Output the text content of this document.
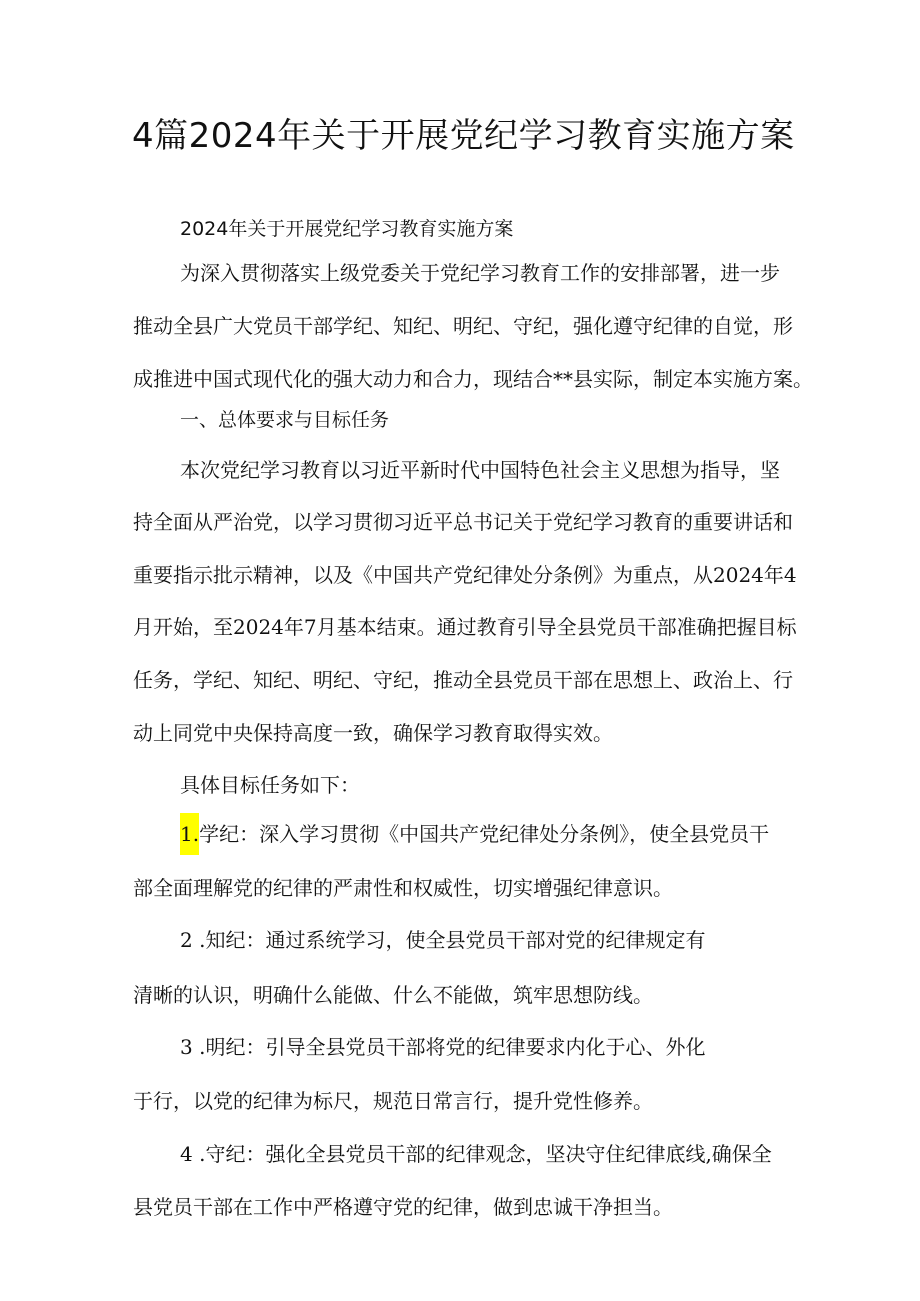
4篇2024年关于开展党纪学习教育实施方案
2024年关于开展党纪学习教育实施方案
为深入贯彻落实上级党委关于党纪学习教育工作的安排部署，进一步
推动全县广大党员干部学纪、知纪、明纪、守纪，强化遵守纪律的自觉，形
成推进中国式现代化的强大动力和合力，现结合**县实际，制定本实施方案。
一、总体要求与目标任务
本次党纪学习教育以习近平新时代中国特色社会主义思想为指导，坚
持全面从严治党，以学习贯彻习近平总书记关于党纪学习教育的重要讲话和
重要指示批示精神，以及《中国共产党纪律处分条例》为重点，从2024年4
月开始，至2024年7月基本结束。通过教育引导全县党员干部准确把握目标
任务，学纪、知纪、明纪、守纪，推动全县党员干部在思想上、政治上、行
动上同党中央保持高度一致，确保学习教育取得实效。
具体目标任务如下：
1.学纪：深入学习贯彻《中国共产党纪律处分条例》，使全县党员干
部全面理解党的纪律的严肃性和权威性，切实增强纪律意识。
2 .知纪：通过系统学习，使全县党员干部对党的纪律规定有
清晰的认识，明确什么能做、什么不能做，筑牢思想防线。
3 .明纪：引导全县党员干部将党的纪律要求内化于心、外化
于行，以党的纪律为标尺，规范日常言行，提升党性修养。
4 .守纪：强化全县党员干部的纪律观念，坚决守住纪律底线,确保全
县党员干部在工作中严格遵守党的纪律，做到忠诚干净担当。
